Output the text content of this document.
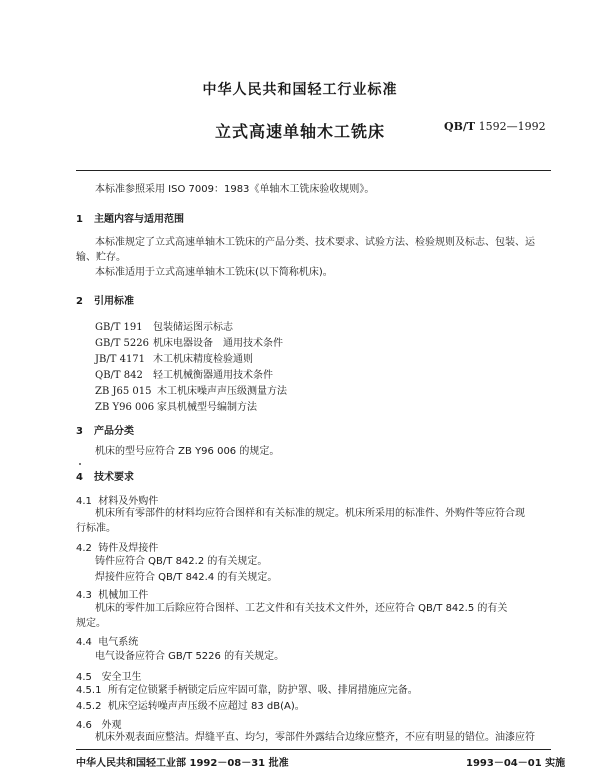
中华人民共和国轻工行业标准
立式高速单轴木工铣床	QB/T 1592—1992
本标准参照采用 ISO 7009：1983《单轴木工铣床验收规则》。
1 主题内容与适用范围
本标准规定了立式高速单轴木工铣床的产品分类、技术要求、试验方法、检验规则及标志、包装、运
输、贮存。
本标准适用于立式高速单轴木工铣床(以下简称机床)。
2 引用标准
GB/T 191 包装储运图示标志
GB/T 5226 机床电器设备　通用技术条件
JB/T 4171 木工机床精度检验通则
QB/T 842 轻工机械衡器通用技术条件
ZB J65 015 木工机床噪声声压级测量方法
ZB Y96 006 家具机械型号编制方法
3 产品分类
机床的型号应符合 ZB Y96 006 的规定。
4 技术要求
4.1 材料及外购件
机床所有零部件的材料均应符合图样和有关标准的规定。机床所采用的标准件、外购件等应符合现
行标准。
4.2 铸件及焊接件
铸件应符合 QB/T 842.2 的有关规定。
焊接件应符合 QB/T 842.4 的有关规定。
4.3 机械加工件
机床的零件加工后除应符合图样、工艺文件和有关技术文件外，还应符合 QB/T 842.5 的有关
规定。
4.4 电气系统
电气设备应符合 GB/T 5226 的有关规定。
4.5 安全卫生
4.5.1 所有定位锁紧手柄锁定后应牢固可靠，防护罩、吸、排屑措施应完备。
4.5.2 机床空运转噪声声压级不应超过 83 dB(A)。
4.6 外观
机床外观表面应整洁。焊缝平直、均匀，零部件外露结合边缘应整齐，不应有明显的错位。油漆应符
中华人民共和国轻工业部 1992－08－31 批准	1993－04－01 实施
